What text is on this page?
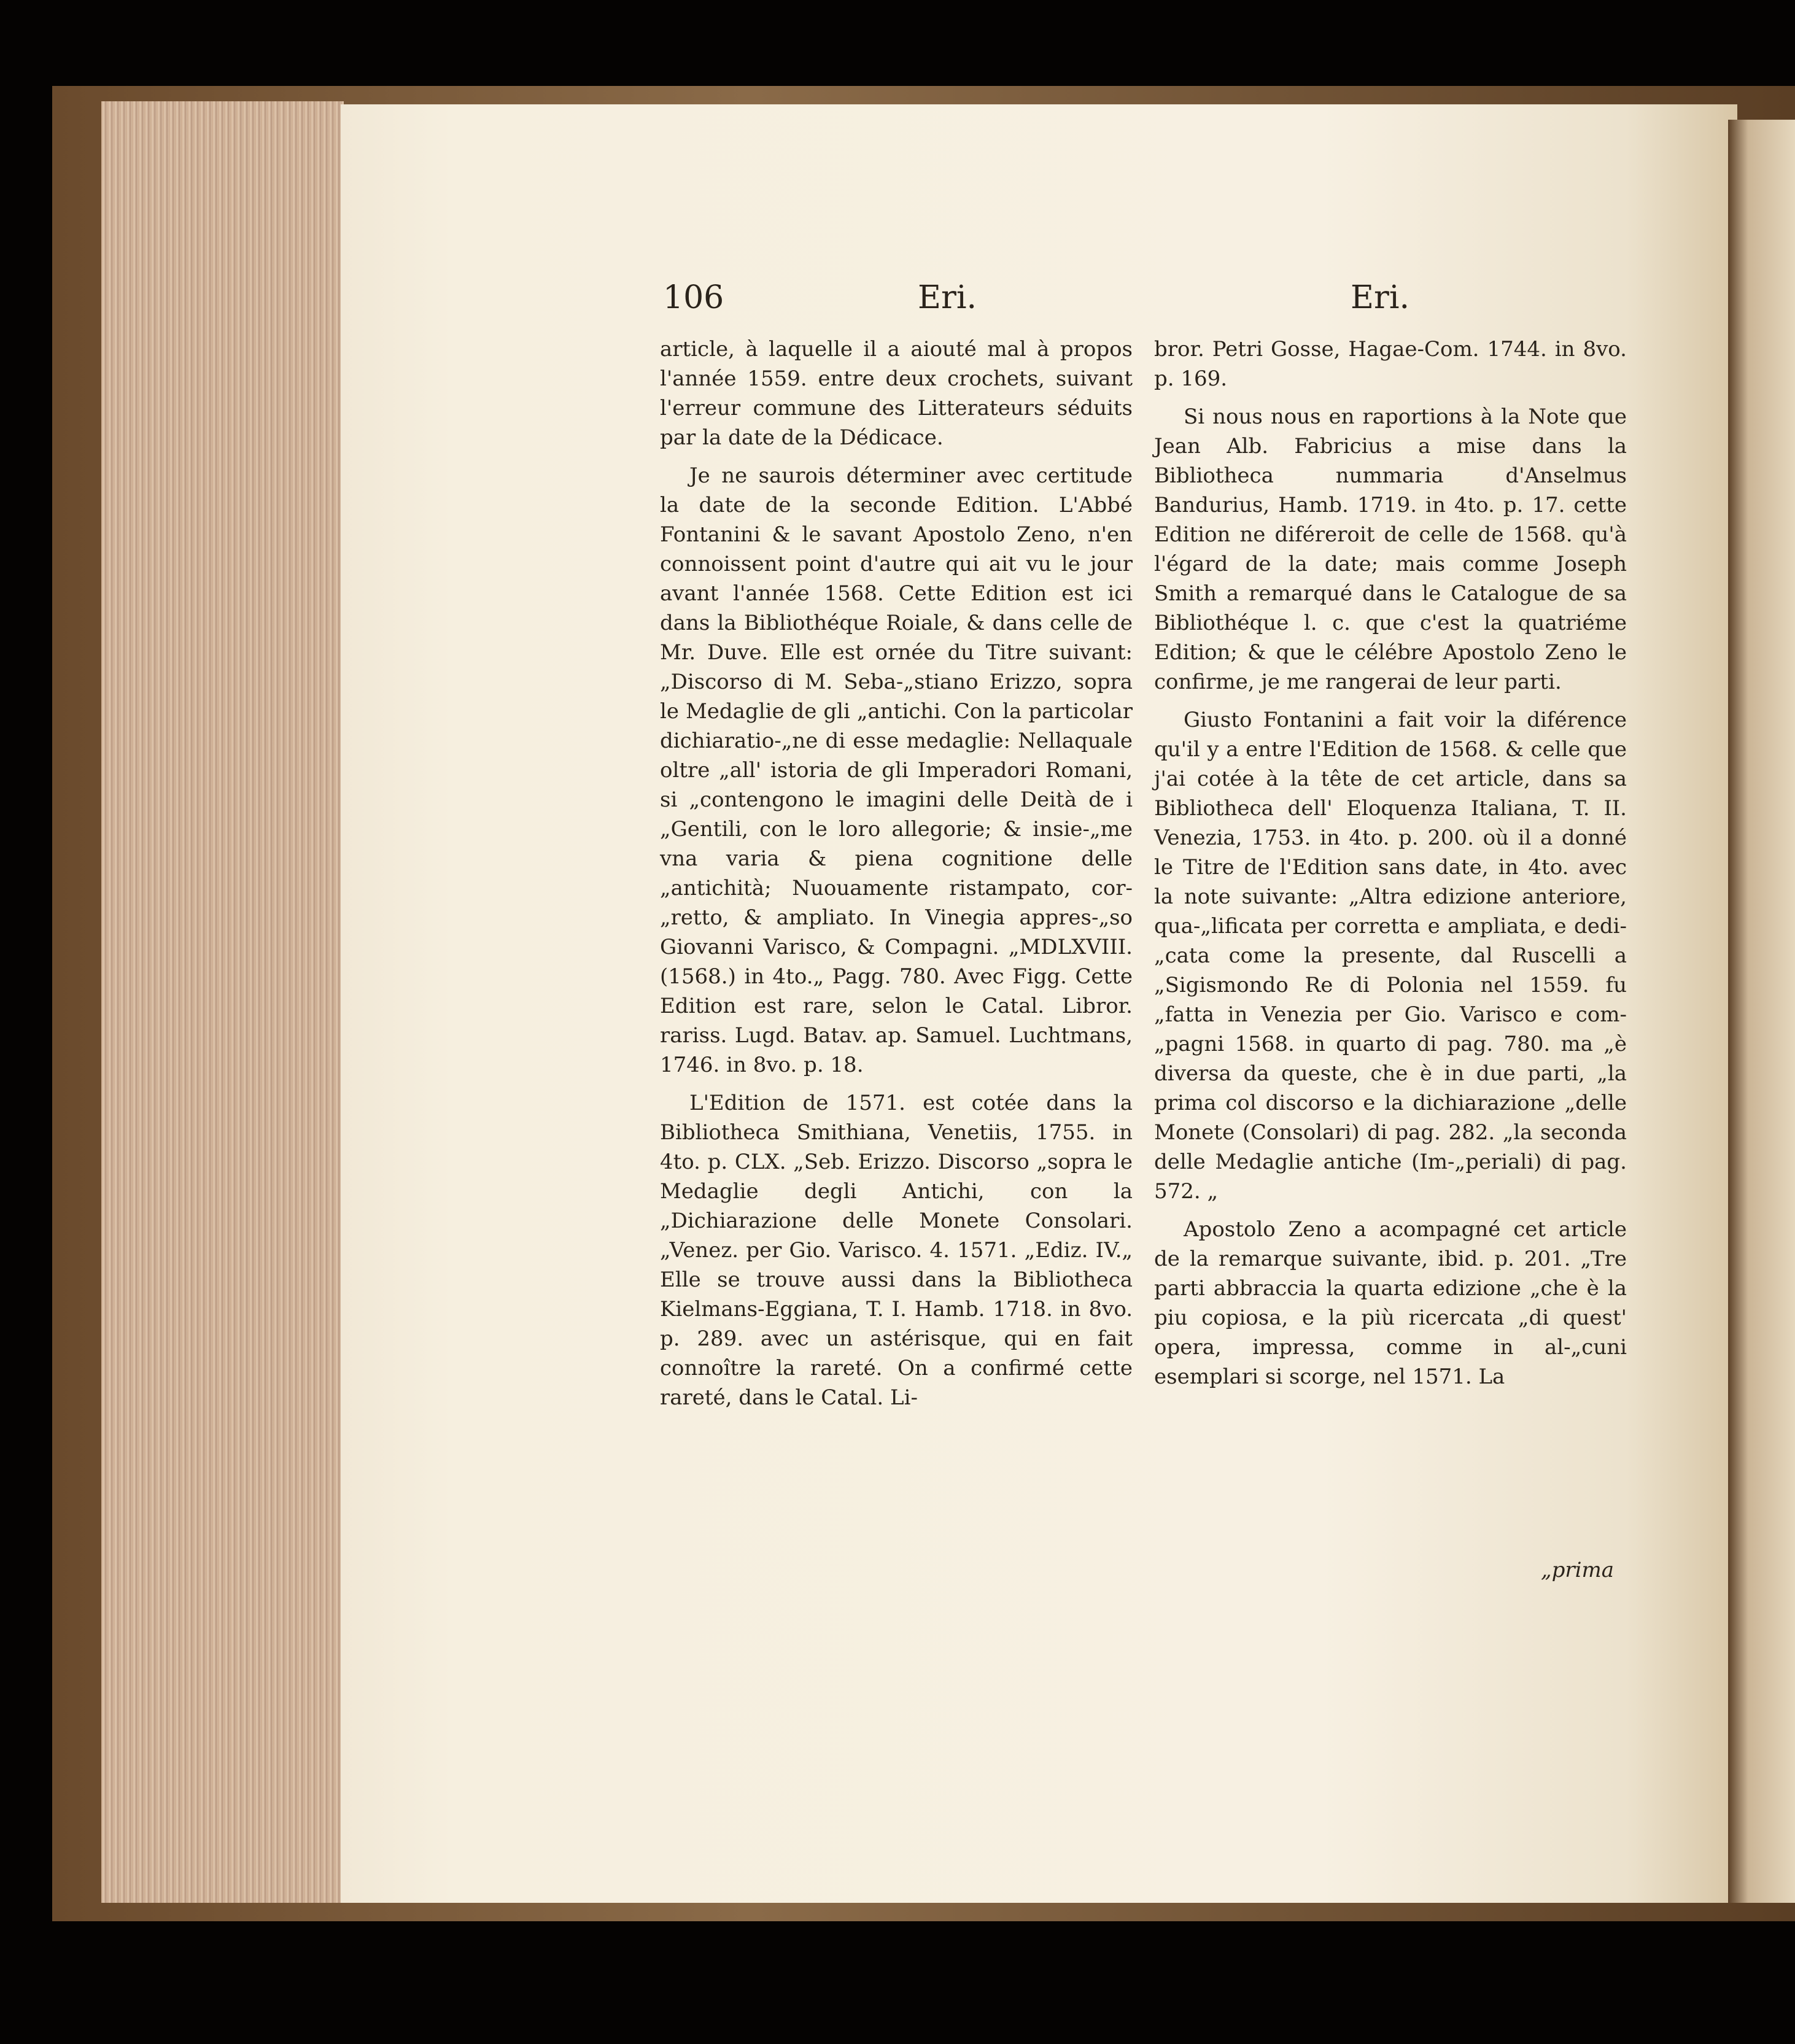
106	Eri.	Eri.

article, à laquelle il a aiouté mal à propos l'année 1559. entre deux crochets, suivant l'erreur commune des Litterateurs séduits par la date de la Dédicace.

Je ne saurois déterminer avec certitude la date de la seconde Edition. L'Abbé Fontanini & le savant Apostolo Zeno, n'en connoissent point d'autre qui ait vu le jour avant l'année 1568. Cette Edition est ici dans la Bibliothéque Roiale, & dans celle de Mr. Duve. Elle est ornée du Titre suivant: „Discorso di M. Seba-„stiano Erizzo, sopra le Medaglie de gli „antichi. Con la particolar dichiaratio-„ne di esse medaglie: Nellaquale oltre „all' istoria de gli Imperadori Romani, si „contengono le imagini delle Deità de i „Gentili, con le loro allegorie; & insie-„me vna varia & piena cognitione delle „antichità; Nuouamente ristampato, cor-„retto, & ampliato. In Vinegia appres-„so Giovanni Varisco, & Compagni. „MDLXVIII. (1568.) in 4to.„ Pagg. 780. Avec Figg. Cette Edition est rare, selon le Catal. Libror. rariss. Lugd. Batav. ap. Samuel. Luchtmans, 1746. in 8vo. p. 18.

L'Edition de 1571. est cotée dans la Bibliotheca Smithiana, Venetiis, 1755. in 4to. p. CLX. „Seb. Erizzo. Discorso „sopra le Medaglie degli Antichi, con la „Dichiarazione delle Monete Consolari. „Venez. per Gio. Varisco. 4. 1571. „Ediz. IV.„ Elle se trouve aussi dans la Bibliotheca Kielmans-Eggiana, T. I. Hamb. 1718. in 8vo. p. 289. avec un astérisque, qui en fait connoître la rareté. On a confirmé cette rareté, dans le Catal. Li-

bror. Petri Gosse, Hagae-Com. 1744. in 8vo. p. 169.

Si nous nous en raportions à la Note que Jean Alb. Fabricius a mise dans la Bibliotheca nummaria d'Anselmus Bandurius, Hamb. 1719. in 4to. p. 17. cette Edition ne diféreroit de celle de 1568. qu'à l'égard de la date; mais comme Joseph Smith a remarqué dans le Catalogue de sa Bibliothéque l. c. que c'est la quatriéme Edition; & que le célébre Apostolo Zeno le confirme, je me rangerai de leur parti.

Giusto Fontanini a fait voir la diférence qu'il y a entre l'Edition de 1568. & celle que j'ai cotée à la tête de cet article, dans sa Bibliotheca dell' Eloquenza Italiana, T. II. Venezia, 1753. in 4to. p. 200. où il a donné le Titre de l'Edition sans date, in 4to. avec la note suivante: „Altra edizione anteriore, qua-„lificata per corretta e ampliata, e dedi-„cata come la presente, dal Ruscelli a „Sigismondo Re di Polonia nel 1559. fu „fatta in Venezia per Gio. Varisco e com-„pagni 1568. in quarto di pag. 780. ma „è diversa da queste, che è in due parti, „la prima col discorso e la dichiarazione „delle Monete (Consolari) di pag. 282. „la seconda delle Medaglie antiche (Im-„periali) di pag. 572. „

Apostolo Zeno a acompagné cet article de la remarque suivante, ibid. p. 201. „Tre parti abbraccia la quarta edizione „che è la piu copiosa, e la più ricercata „di quest' opera, impressa, comme in al-„cuni esemplari si scorge, nel 1571. La

„prima
